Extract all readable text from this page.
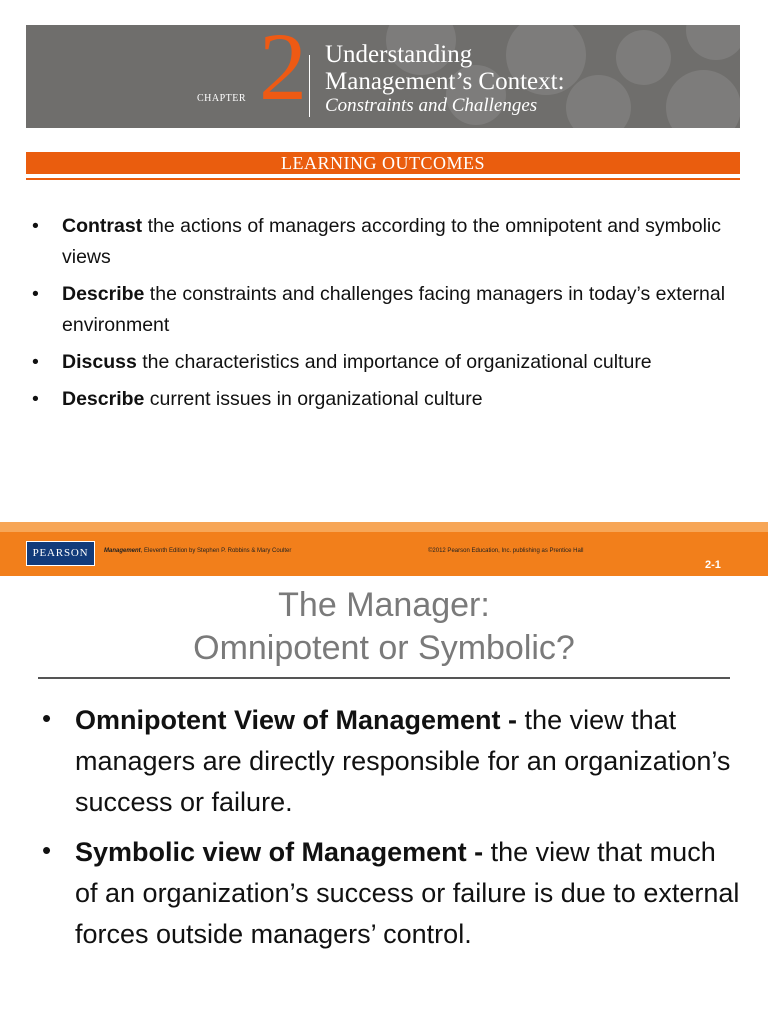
CHAPTER 2 Understanding
Management’s Context:
Constraints and Challenges
LEARNING OUTCOMES
• Contrast the actions of managers according to the omnipotent and symbolic views
• Describe the constraints and challenges facing managers in today’s external environment
• Discuss the characteristics and importance of organizational culture
• Describe current issues in organizational culture
PEARSON	Management, Eleventh Edition by Stephen P. Robbins & Mary Coulter	©2012 Pearson Education, Inc. publishing as Prentice Hall
2-1
The Manager:
Omnipotent or Symbolic?
• Omnipotent View of Management - the view that managers are directly responsible for an organization’s success or failure.
• Symbolic view of Management - the view that much of an organization’s success or failure is due to external forces outside managers’ control.
